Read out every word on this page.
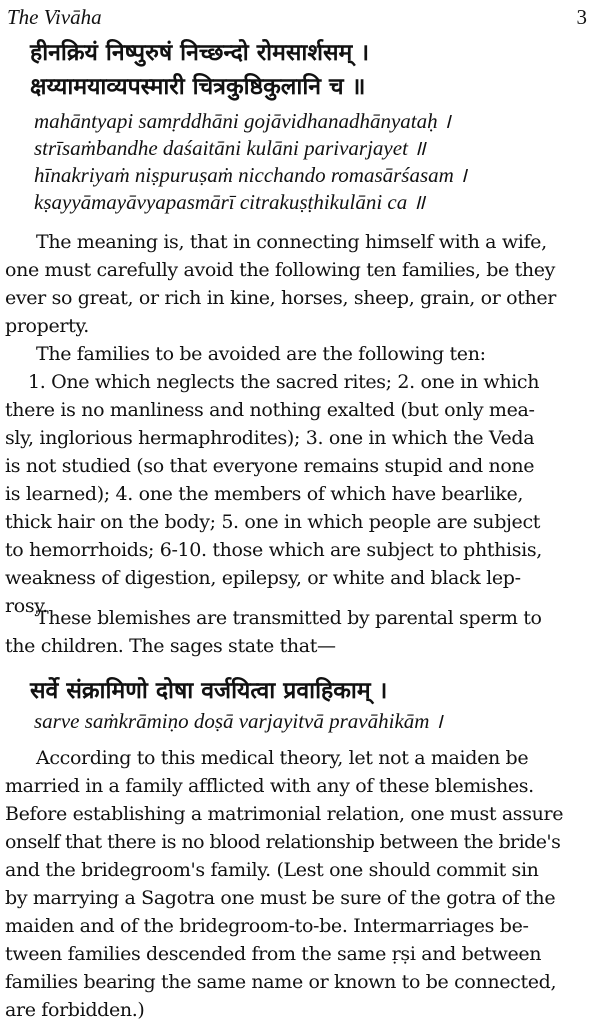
The Vivāha	3
हीनक्रियं निष्पुरुषं निच्छन्दो रोमसार्शसम् ।
क्षय्यामयाव्यपस्मारी चित्रकुष्ठिकुलानि च ॥
mahāntyapi samṛddhāni gojāvidhanadhānyataḥ ।
strīsaṁbandhe daśaitāni kulāni parivarjayet ॥
hīnakriyaṁ niṣpuruṣaṁ nicchando romasārśasam ।
kṣayyāmayāvyapasmārī citrakuṣṭhikulāni ca ॥
The meaning is, that in connecting himself with a wife,
one must carefully avoid the following ten families, be they
ever so great, or rich in kine, horses, sheep, grain, or other
property.
The families to be avoided are the following ten:
1. One which neglects the sacred rites; 2. one in which
there is no manliness and nothing exalted (but only mea-
sly, inglorious hermaphrodites); 3. one in which the Veda
is not studied (so that everyone remains stupid and none
is learned); 4. one the members of which have bearlike,
thick hair on the body; 5. one in which people are subject
to hemorrhoids; 6-10. those which are subject to phthisis,
weakness of digestion, epilepsy, or white and black lep-
rosy.
These blemishes are transmitted by parental sperm to
the children. The sages state that—
सर्वे संक्रामिणो दोषा वर्जयित्वा प्रवाहिकाम् ।
sarve saṁkrāmiṇo doṣā varjayitvā pravāhikām ।
According to this medical theory, let not a maiden be
married in a family afflicted with any of these blemishes.
Before establishing a matrimonial relation, one must assure
onself that there is no blood relationship between the bride's
and the bridegroom's family. (Lest one should commit sin
by marrying a Sagotra one must be sure of the gotra of the
maiden and of the bridegroom-to-be. Intermarriages be-
tween families descended from the same ṛṣi and between
families bearing the same name or known to be connected,
are forbidden.)
